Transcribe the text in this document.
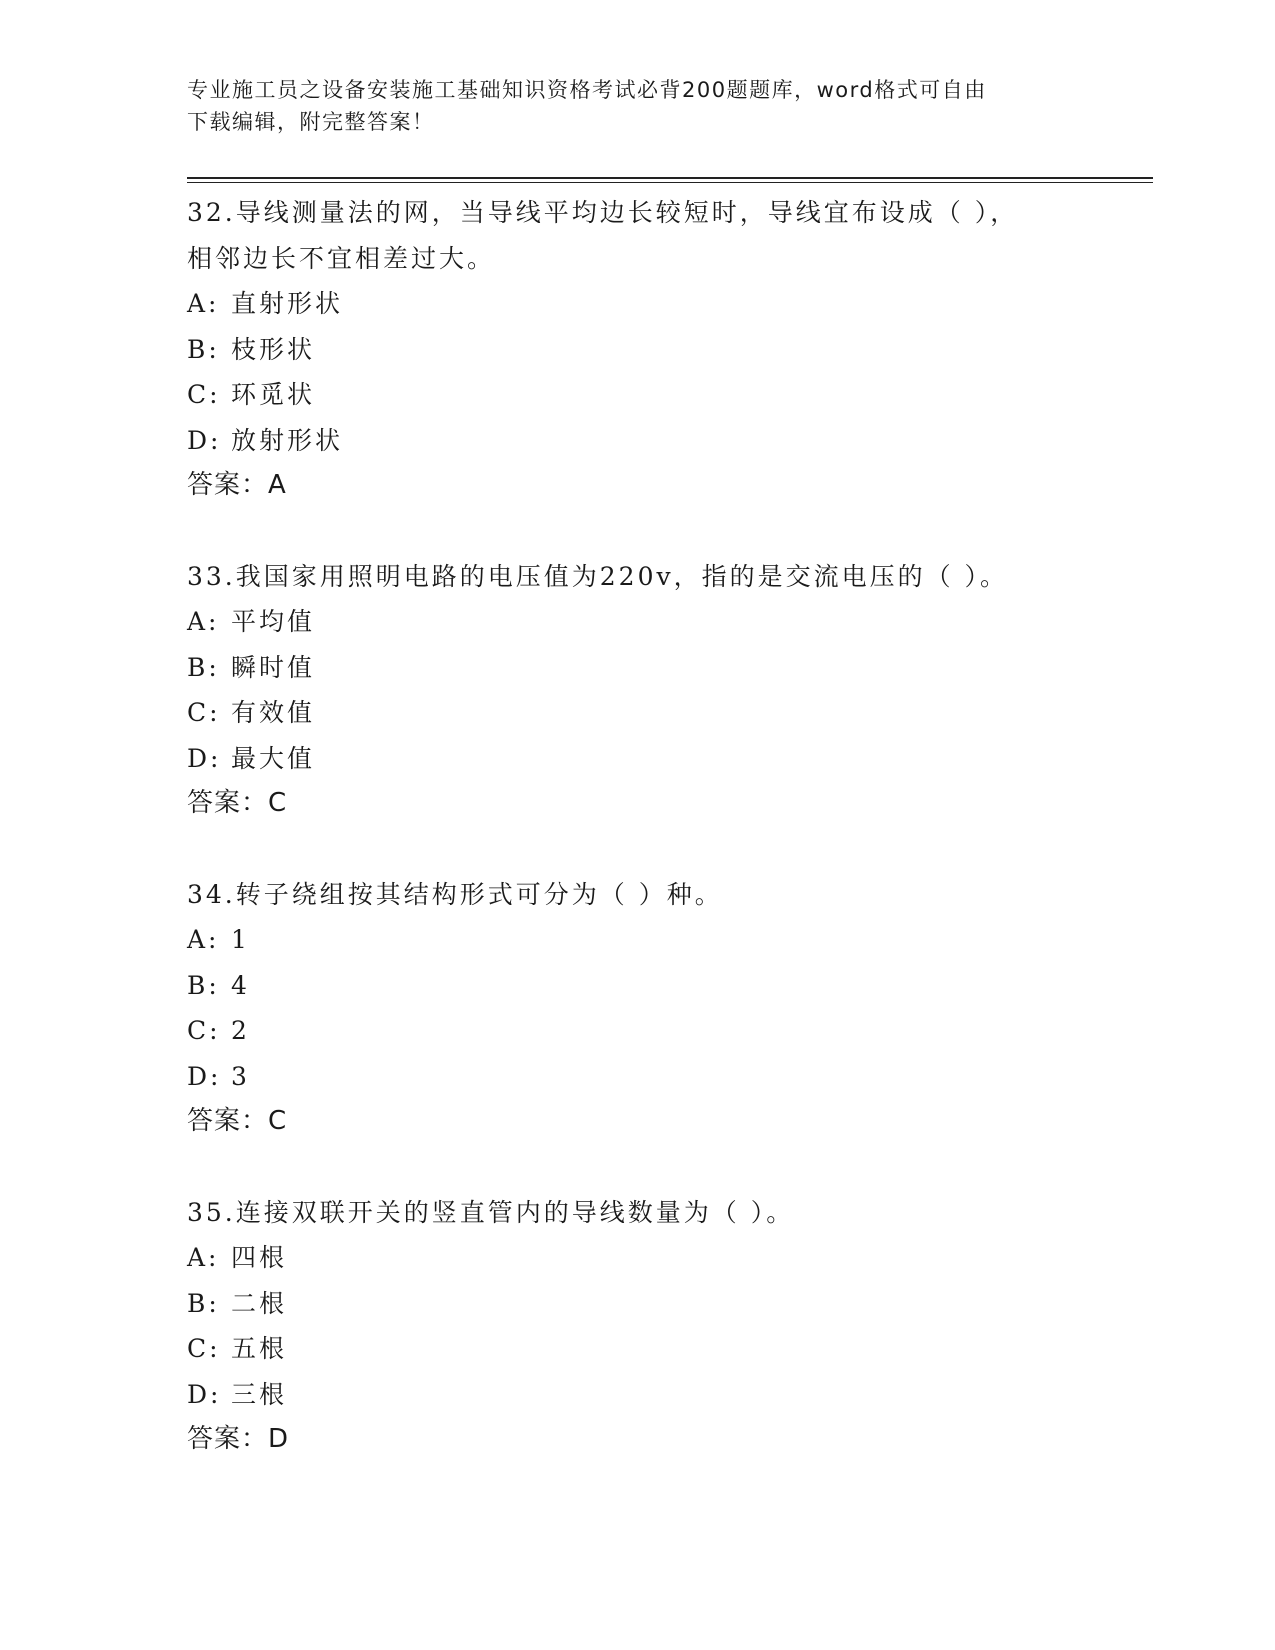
专业施工员之设备安装施工基础知识资格考试必背200题题库，word格式可自由
下载编辑，附完整答案！
32.导线测量法的网，当导线平均边长较短时，导线宜布设成（ ），
相邻边长不宜相差过大。
A: 直射形状
B: 枝形状
C: 环觅状
D: 放射形状
答案：A
33.我国家用照明电路的电压值为220v，指的是交流电压的（ ）。
A: 平均值
B: 瞬时值
C: 有效值
D: 最大值
答案：C
34.转子绕组按其结构形式可分为（ ）种。
A: 1
B: 4
C: 2
D: 3
答案：C
35.连接双联开关的竖直管内的导线数量为（ ）。
A: 四根
B: 二根
C: 五根
D: 三根
答案：D
